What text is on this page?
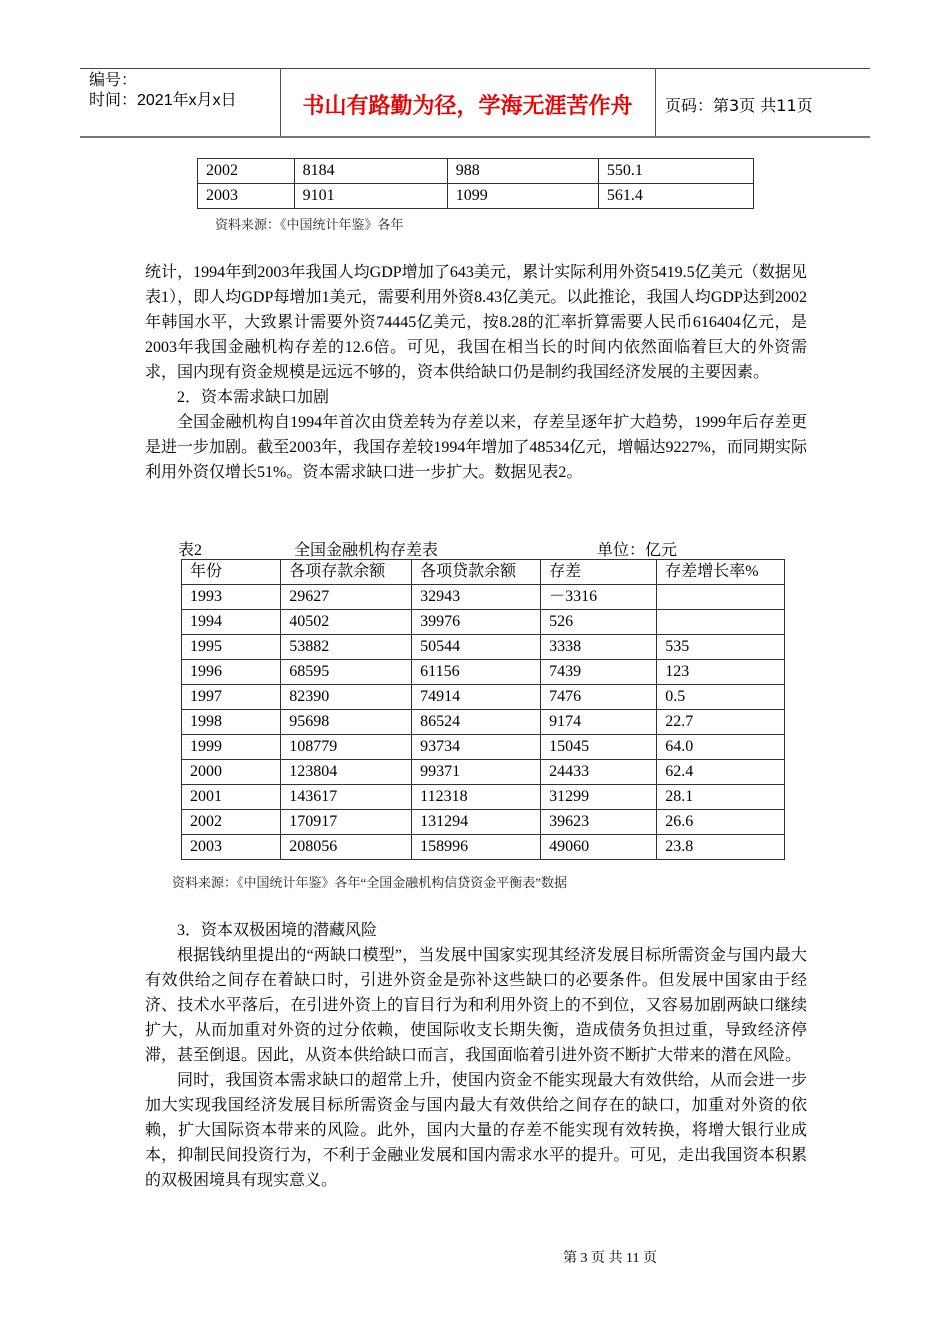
编号：
时间：2021年x月x日	书山有路勤为径，学海无涯苦作舟	页码：第3页 共11页
2002	8184	988	550.1
2003	9101	1099	561.4
资料来源：《中国统计年鉴》各年

统计，1994年到2003年我国人均GDP增加了643美元，累计实际利用外资5419.5亿美元（数据见表1），即人均GDP每增加1美元，需要利用外资8.43亿美元。以此推论，我国人均GDP达到2002年韩国水平，大致累计需要外资74445亿美元，按8.28的汇率折算需要人民币616404亿元，是2003年我国金融机构存差的12.6倍。可见，我国在相当长的时间内依然面临着巨大的外资需求，国内现有资金规模是远远不够的，资本供给缺口仍是制约我国经济发展的主要因素。

2．资本需求缺口加剧

全国金融机构自1994年首次由贷差转为存差以来，存差呈逐年扩大趋势，1999年后存差更是进一步加剧。截至2003年，我国存差较1994年增加了48534亿元，增幅达9227%，而同期实际利用外资仅增长51%。资本需求缺口进一步扩大。数据见表2。

表2	全国金融机构存差表	单位：亿元
年份	各项存款余额	各项贷款余额	存差	存差增长率%
1993	29627	32943	－3316	
1994	40502	39976	526	
1995	53882	50544	3338	535
1996	68595	61156	7439	123
1997	82390	74914	7476	0.5
1998	95698	86524	9174	22.7
1999	108779	93734	15045	64.0
2000	123804	99371	24433	62.4
2001	143617	112318	31299	28.1
2002	170917	131294	39623	26.6
2003	208056	158996	49060	23.8
资料来源：《中国统计年鉴》各年“全国金融机构信贷资金平衡表”数据

3．资本双极困境的潜藏风险

根据钱纳里提出的“两缺口模型”，当发展中国家实现其经济发展目标所需资金与国内最大有效供给之间存在着缺口时，引进外资金是弥补这些缺口的必要条件。但发展中国家由于经济、技术水平落后，在引进外资上的盲目行为和利用外资上的不到位，又容易加剧两缺口继续扩大，从而加重对外资的过分依赖，使国际收支长期失衡，造成债务负担过重，导致经济停滞，甚至倒退。因此，从资本供给缺口而言，我国面临着引进外资不断扩大带来的潜在风险。

同时，我国资本需求缺口的超常上升，使国内资金不能实现最大有效供给，从而会进一步加大实现我国经济发展目标所需资金与国内最大有效供给之间存在的缺口，加重对外资的依赖，扩大国际资本带来的风险。此外，国内大量的存差不能实现有效转换，将增大银行业成本，抑制民间投资行为，不利于金融业发展和国内需求水平的提升。可见，走出我国资本积累的双极困境具有现实意义。

第 3 页 共 11 页
